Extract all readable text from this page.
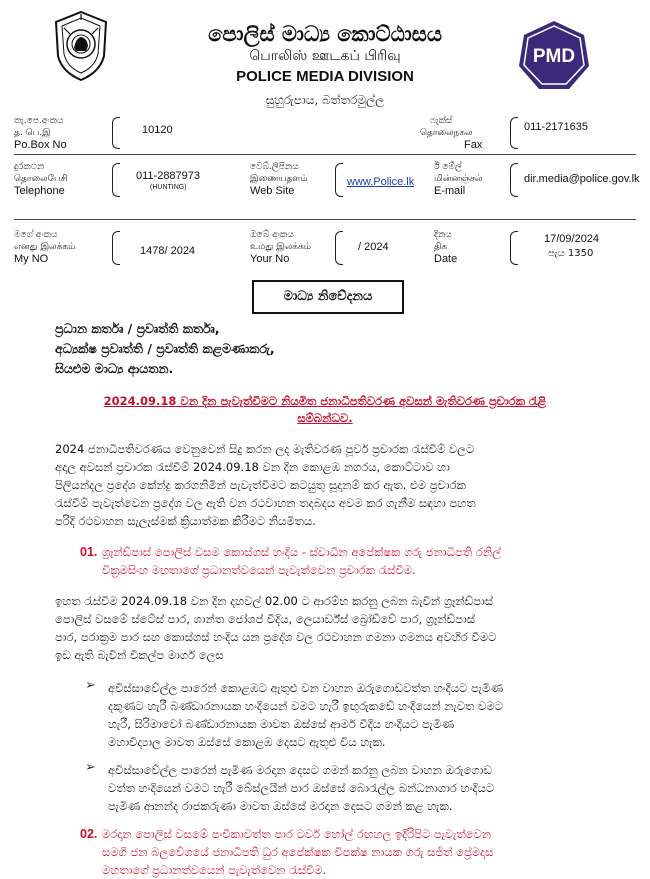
PMD
පොලිස් මාධ්‍ය කොට්ඨාසය
பொலிஸ் ஊடகப் பிரிவு
POLICE MEDIA DIVISION
සුහුරුපාය, බත්තරමුල්ල
තැ.පෙ.අංකය
த. பெ.இ
Po.Box No
10120
ෆැක්ස්
தொலைநகல
Fax
011-2171635
දුරකථන
தொலைபேசி
Telephone
011-2887973
(HUNTING)
වෙබ්.ලිපිනය
இணையதளம்
Web Site
www.Police.lk
ඊ මේල්
மின்னஞ்சல்
E-mail
dir.media@police.gov.lk
මගේ අංකය
எனது இலக்கம்
My NO
1478/ 2024
ඔබේ අංකය
உமது இலக்கம்
Your No
/ 2024
දිනය
திக
Date
17/09/2024
පැය 1350
මාධ්‍ය නිවේදනය
ප්‍රධාන කර්තෘ / ප්‍රවෘත්ති කර්තෘ,
අධ්‍යක්ෂ ප්‍රවෘත්ති / ප්‍රවෘත්ති කළමණාකරු,
සියළුම මාධ්‍ය ආයතන.
2024.09.18 වන දින පැවැත්වීමට නියමිත ජනාධිපතිවරණ අවසන් මැතිවරණ ප්‍රචාරක රැළි
සම්බන්ධව.
2024 ජනාධිපතිවරණය වෙනුවෙන් සිදු කරන ලද මැතිවරණ පූර්ව ප්‍රචාරක රැස්වීම් වලට
අදාල අවසන් ප්‍රචාරක රැස්වීම් 2024.09.18 වන දින කොළඹ නගරය, කොට්ටාව හා
පිලියන්දල ප්‍රදේශ කේන්ද්‍ර කරගනිමින් පැවැත්වීමට කටයුතු සූදානම් කර ඇත. එම ප්‍රචාරක
රැස්වීම් පැවැත්වෙන ප්‍රදේශ වල ඇති වන රථවාහන තදබදය අවම කර ගැනීම සඳහා පහත
පරිදි රථවාහන සැලැස්මක් ක්‍රියාත්මක කිරීමට නියමිතය.
01. ග්‍රෑන්ඩ්පාස් පොලිස් වසම කොස්ගස් හංදිය - ස්වාධීන අපේක්ෂක ගරු ජනාධිපති රනිල්
වික්‍රමසිංහ මහතාගේ ප්‍රධානත්වයෙන් පැවැත්වෙන ප්‍රචාරක රැස්වීම.
ඉහත රැස්වීම 2024.09.18 වන දින දහවල් 02.00 ට ආරම්භ කරනු ලබන බැවින් ග්‍රෑන්ඩ්පාස්
පොලිස් වසමේ ස්ටේස් පාර, ශාන්ත ජෝශප් වීදිය, ලෙයාර්ඩ්ස් බ්‍රෝඩ්වේ පාර, ග්‍රෑන්ඩ්පාස්
පාර, පරාක්‍රම පාර සහ කොස්ගස් හංදිය යන ප්‍රදේශ වල රථවාහන ගමනා ගමනය අවහිර වීමට
ඉඩ ඇති බැවින් විකල්ප මාර්ග ලෙස
➢ අවිස්සාවේල්ල පාරෙන් කොළඹට ඇතුළු වන වාහන ඔරුගොඩවත්ත හංදියට පැමිණ
දකුණට හැරී බණ්ඩාරනායක හංදියෙන් වමට හැරී ඉඟුරුකඩේ හංදියෙන් නැවත වමට
හැරී, සිරිමාවෝ බණ්ඩාරනායක මාවත ඔස්සේ ආමර් වීදිය හංදියට පැමිණ
මහාවිද්‍යාල මාවත ඔස්සේ කොළඹ දෙසට ඇතුළු විය හැක.
➢ අවිස්සාවේල්ල පාරෙන් පැමිණ මරදාන දෙසට ගමන් කරනු ලබන වාහන ඔරුගොඩ
වත්ත හංදියෙන් වමට හැරී බේස්ලයින් පාර ඔස්සේ බොරැල්ල බන්ධනාගාර හංදියට
පැමිණ ආනන්ද රාජකරුණා මාවත ඔස්සේ මරදාන දෙසට ගමන් කළ හැක.
02. මරදාන පොලිස් වසමේ පංචිකාවත්ත පාර ටවර් හෝල් රඟහල ඉදිරිපිට පැවැත්වෙන
සමගි ජන බලවේගයේ ජනාධිපති ධුර අපේක්ෂක විපක්ෂ නායක ගරු සජිත් ප්‍රේමදාස
මහතාගේ ප්‍රධානත්වයෙන් පැවැත්වෙන රැස්වීම.
